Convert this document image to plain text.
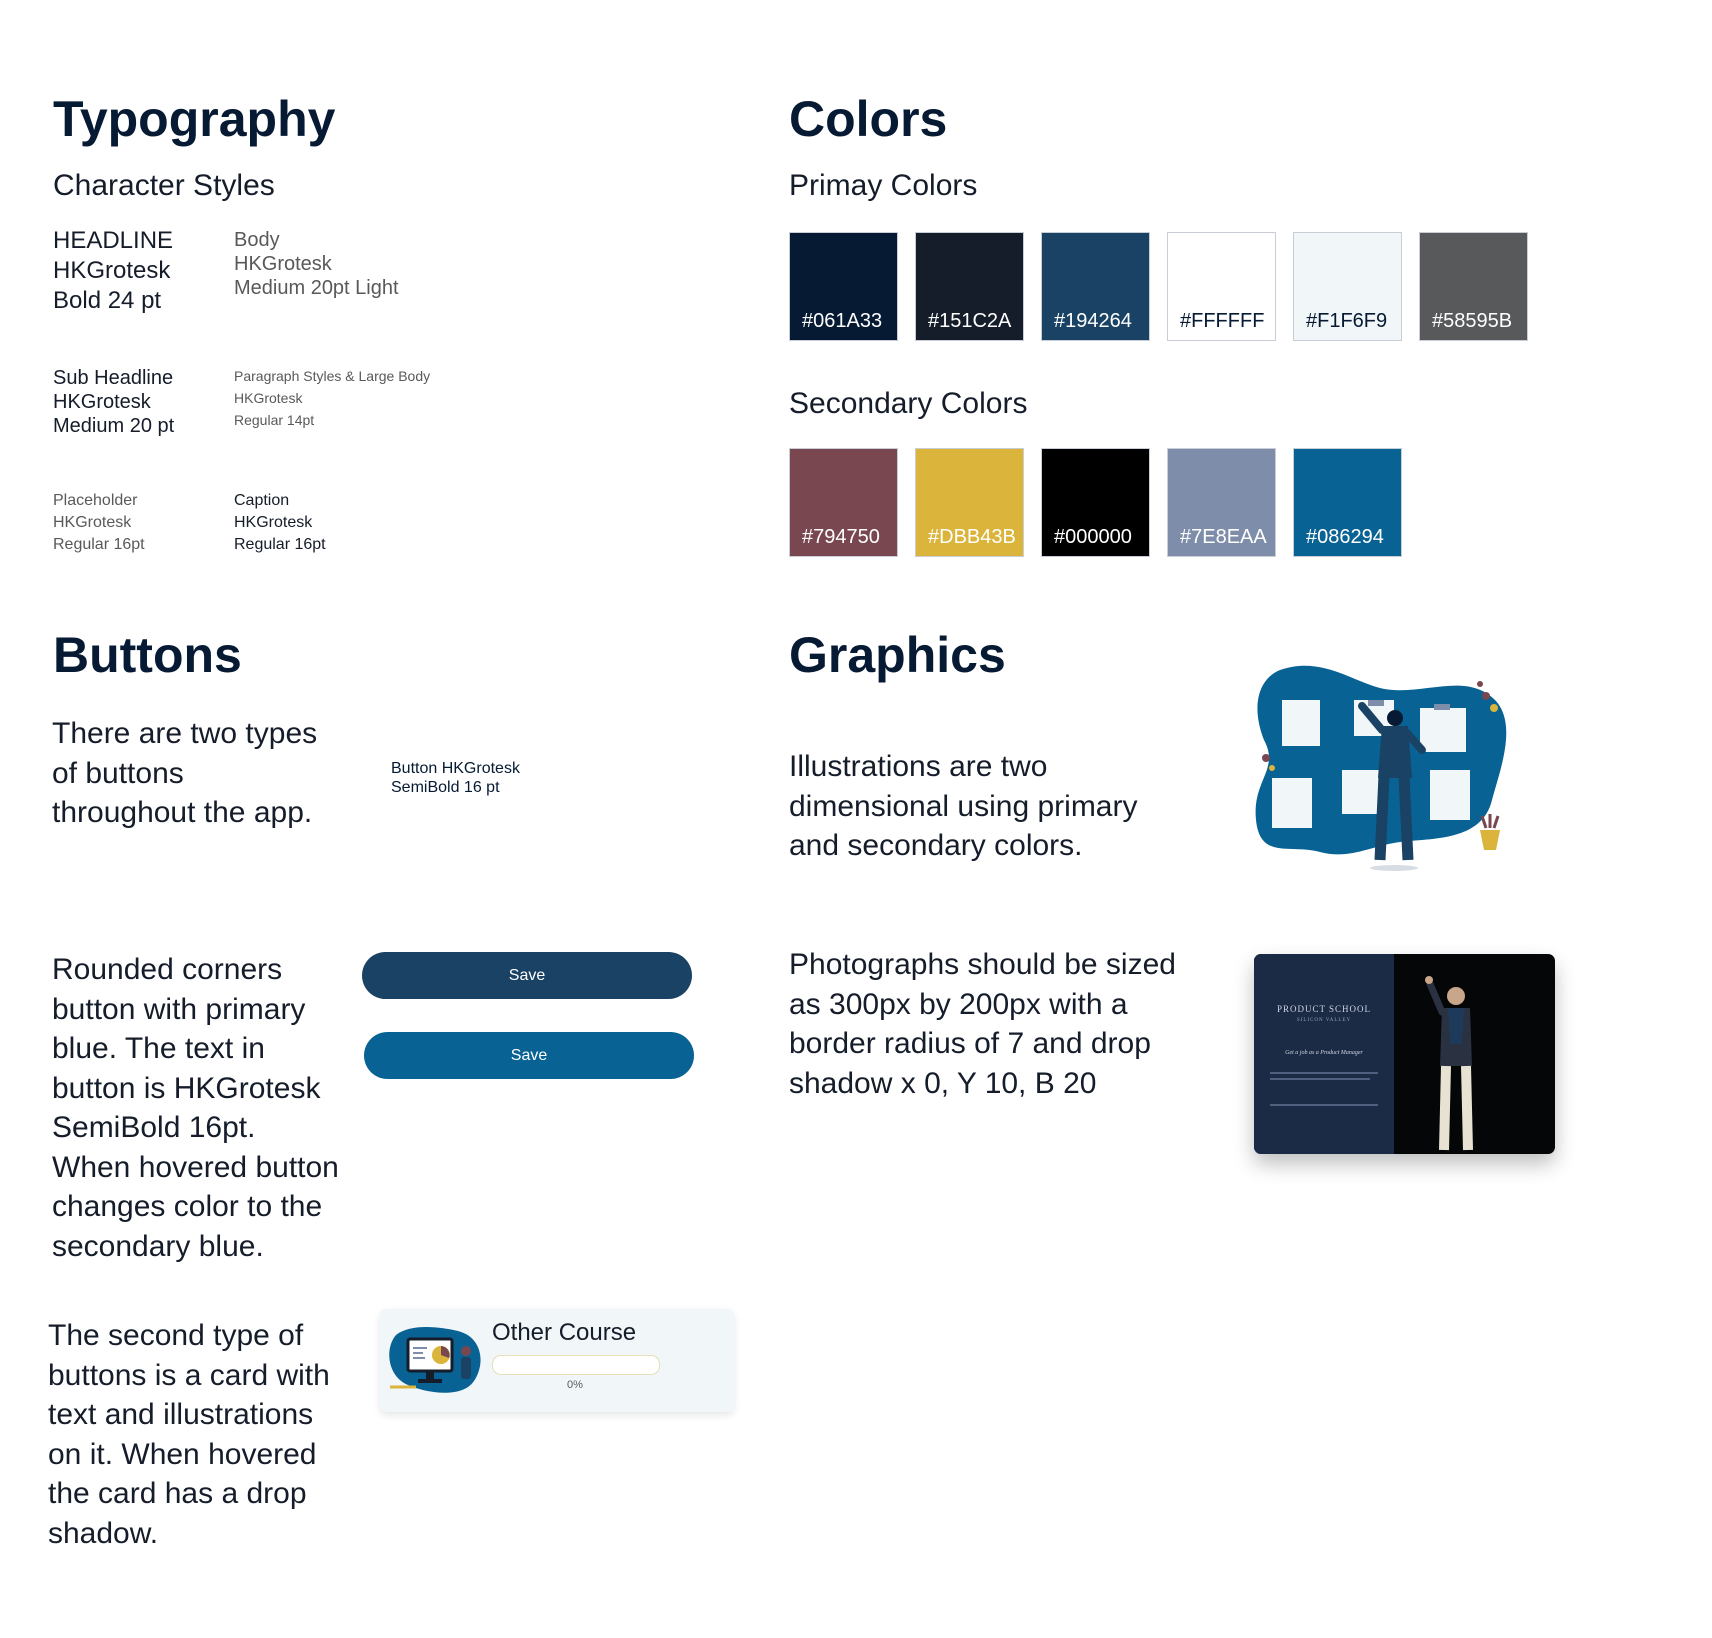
Typography
Character Styles
HEADLINE
HKGrotesk
Bold 24 pt
Body
HKGrotesk
Medium 20pt Light
Sub Headline
HKGrotesk
Medium 20 pt
Paragraph Styles & Large Body
HKGrotesk
Regular 14pt
Placeholder
HKGrotesk
Regular 16pt
Caption
HKGrotesk
Regular 16pt
Colors
Primay Colors
#061A33 #151C2A #194264 #FFFFFF #F1F6F9 #58595B
Secondary Colors
#794750 #DBB43B #000000 #7E8EAA #086294
Buttons
There are two types
of buttons
throughout the app.
Button HKGrotesk
SemiBold 16 pt
Rounded corners
button with primary
blue. The text in
button is HKGrotesk
SemiBold 16pt.
When hovered button
changes color to the
secondary blue.
Save
Save
The second type of
buttons is a card with
text and illustrations
on it. When hovered
the card has a drop
shadow.
Other Course
0%
Graphics
Illustrations are two
dimensional using primary
and secondary colors.
Photographs should be sized
as 300px by 200px with a
border radius of 7 and drop
shadow x 0, Y 10, B 20
PRODUCT SCHOOL
SILICON VALLEY
Get a job as a Product Manager
